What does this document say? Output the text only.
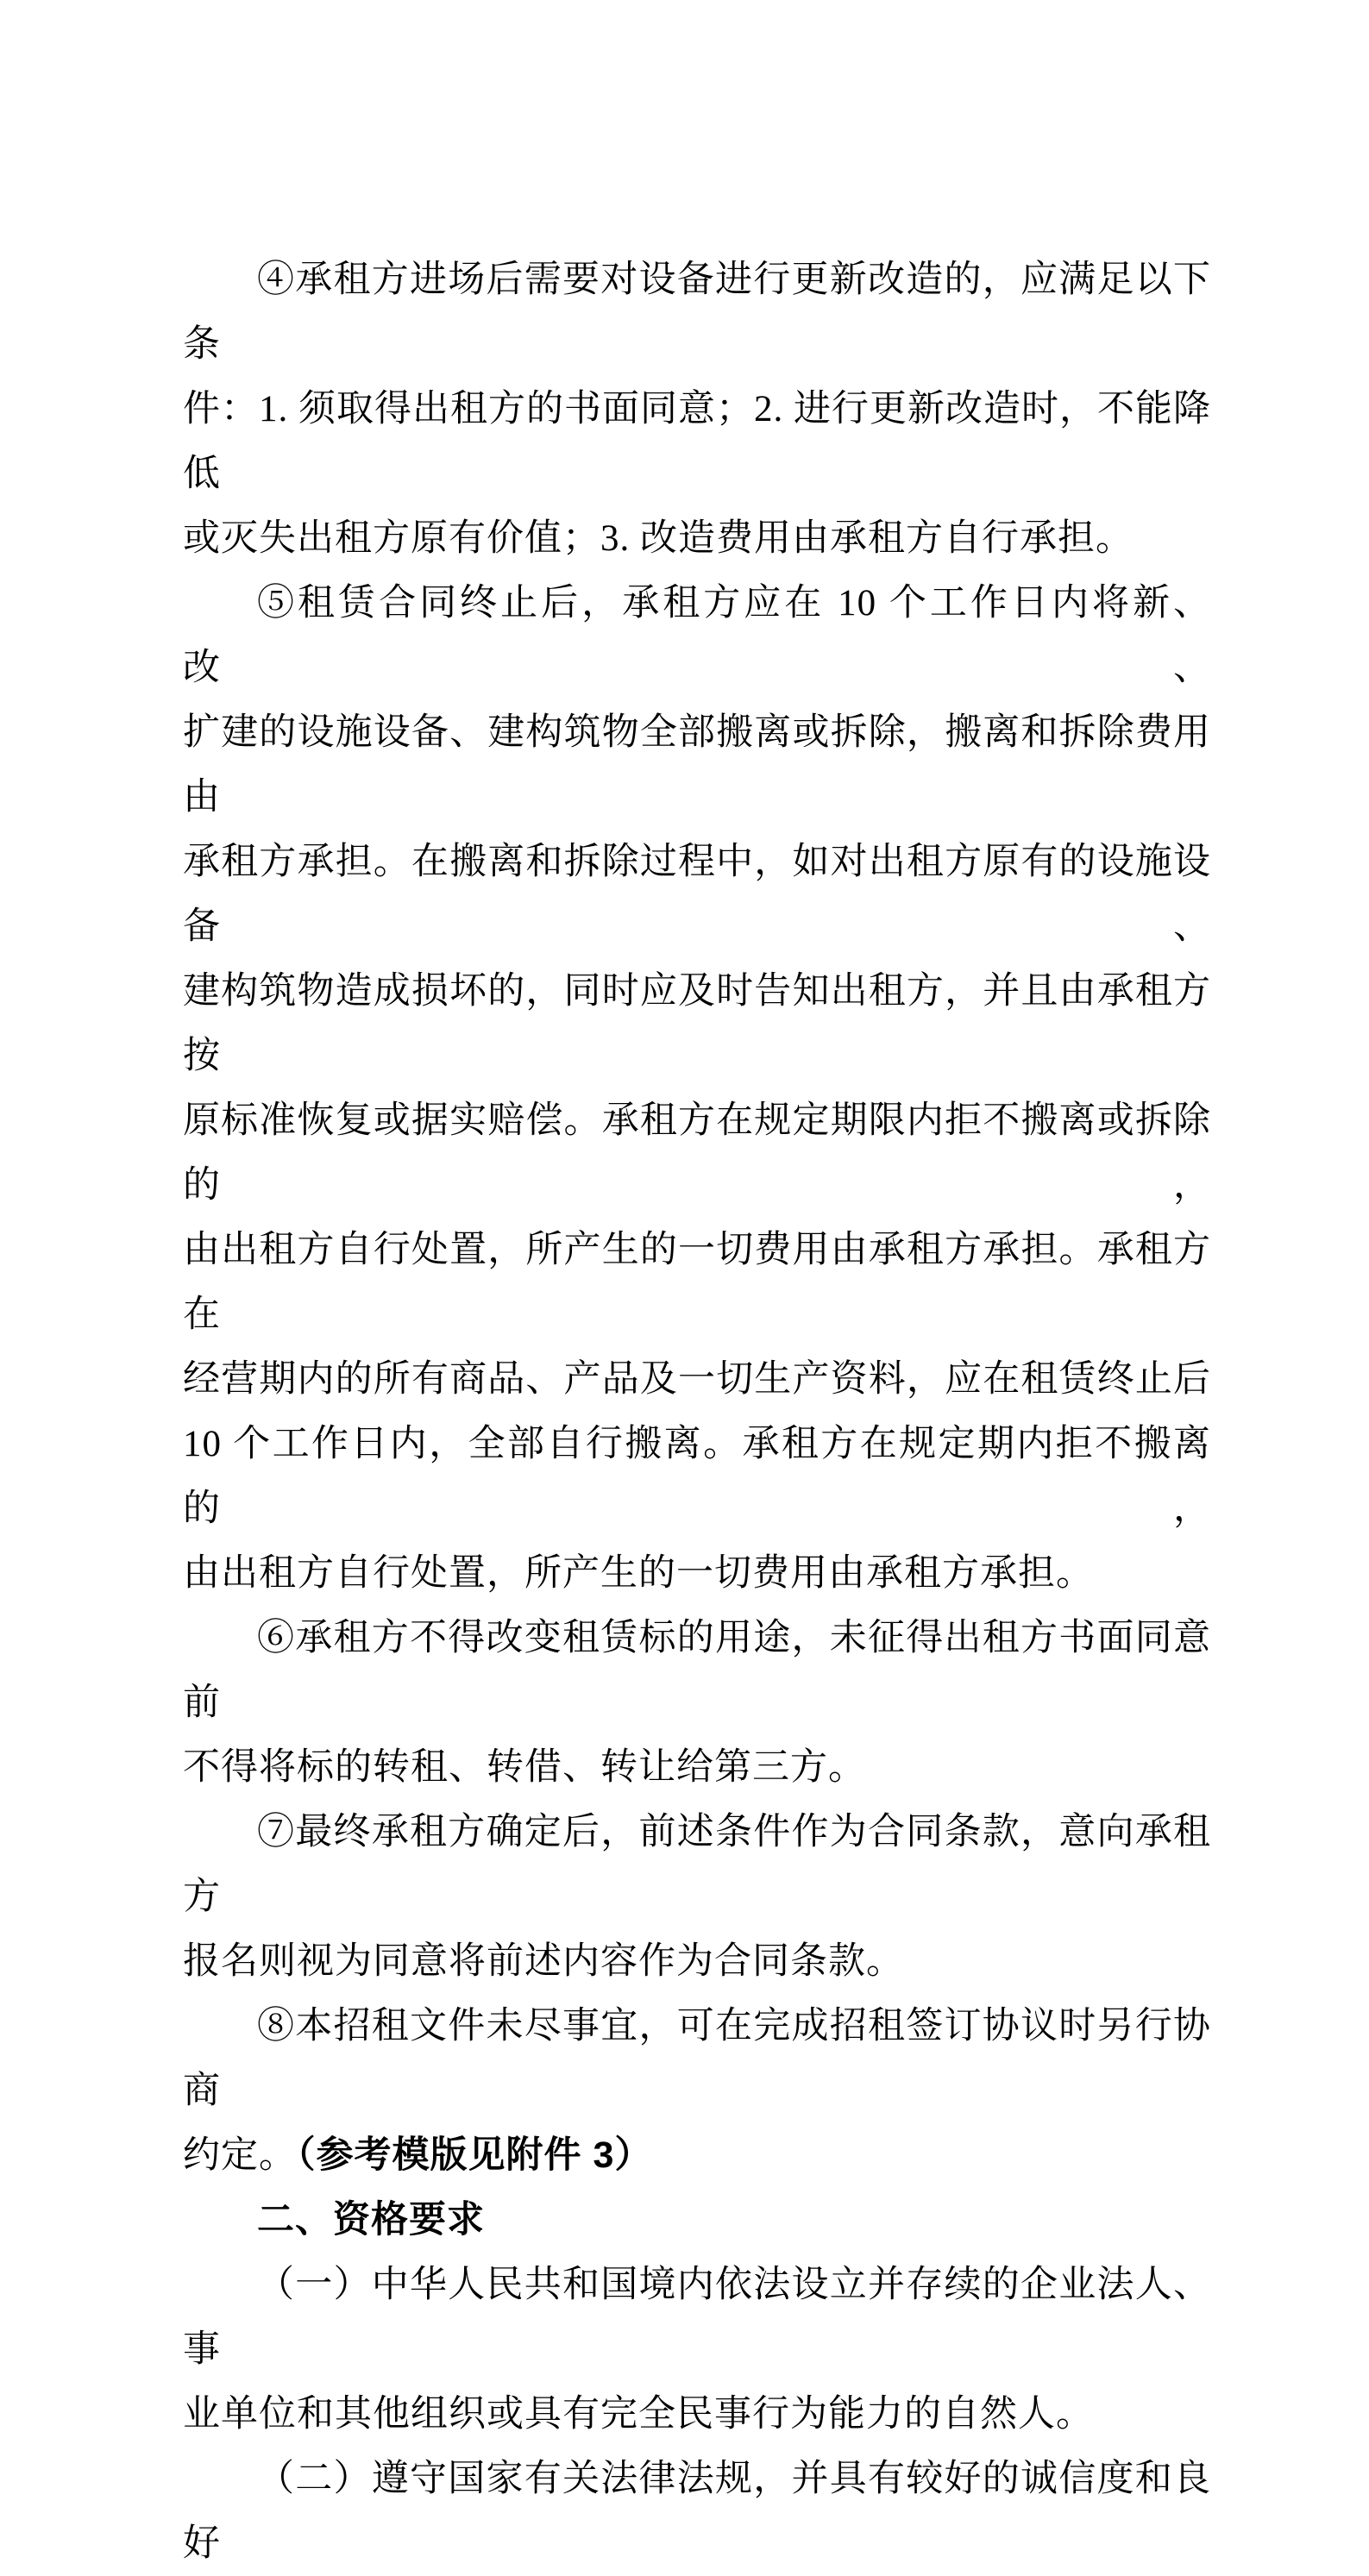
④承租方进场后需要对设备进行更新改造的，应满足以下条
件：1. 须取得出租方的书面同意；2. 进行更新改造时，不能降低
或灭失出租方原有价值；3. 改造费用由承租方自行承担。
⑤租赁合同终止后，承租方应在 10 个工作日内将新、改、
扩建的设施设备、建构筑物全部搬离或拆除，搬离和拆除费用由
承租方承担。在搬离和拆除过程中，如对出租方原有的设施设备、
建构筑物造成损坏的，同时应及时告知出租方，并且由承租方按
原标准恢复或据实赔偿。承租方在规定期限内拒不搬离或拆除的，
由出租方自行处置，所产生的一切费用由承租方承担。承租方在
经营期内的所有商品、产品及一切生产资料，应在租赁终止后
10 个工作日内，全部自行搬离。承租方在规定期内拒不搬离的，
由出租方自行处置，所产生的一切费用由承租方承担。
⑥承租方不得改变租赁标的用途，未征得出租方书面同意前
不得将标的转租、转借、转让给第三方。
⑦最终承租方确定后，前述条件作为合同条款，意向承租方
报名则视为同意将前述内容作为合同条款。
⑧本招租文件未尽事宜，可在完成招租签订协议时另行协商
约定。（参考模版见附件 3）
二、资格要求
（一）中华人民共和国境内依法设立并存续的企业法人、事
业单位和其他组织或具有完全民事行为能力的自然人。
（二）遵守国家有关法律法规，并具有较好的诚信度和良好
